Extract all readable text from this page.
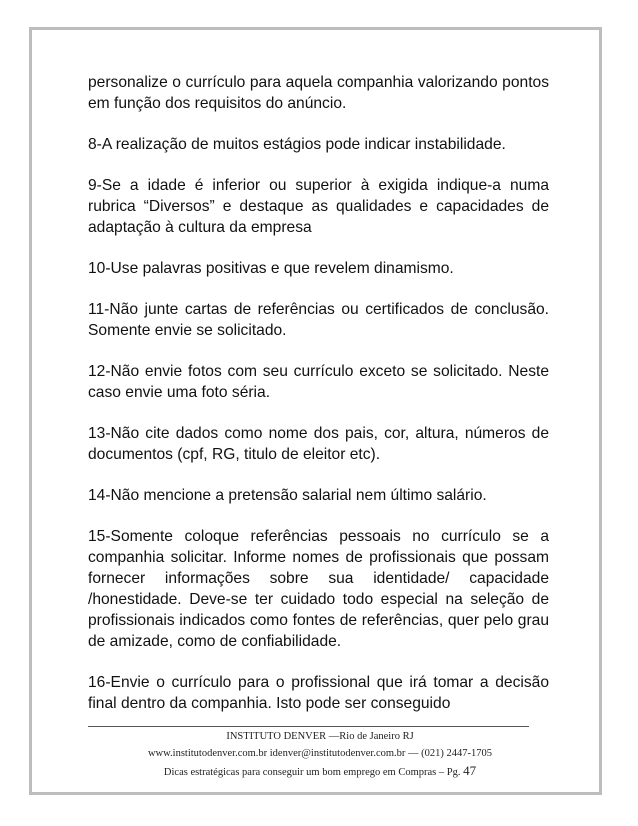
personalize o currículo para aquela companhia valorizando pontos em função dos requisitos do anúncio.

8-A realização de muitos estágios pode indicar instabilidade.

9-Se a idade é inferior ou superior à exigida indique-a numa rubrica “Diversos” e destaque as qualidades e capacidades de adaptação à cultura da empresa

10-Use palavras positivas e que revelem dinamismo.

11-Não junte cartas de referências ou certificados de conclusão. Somente envie se solicitado.

12-Não envie fotos com seu currículo exceto se solicitado. Neste caso envie uma foto séria.

13-Não cite dados como nome dos pais, cor, altura, números de documentos (cpf, RG, titulo de eleitor etc).

14-Não mencione a pretensão salarial nem último salário.

15-Somente coloque referências pessoais no currículo se a companhia solicitar. Informe nomes de profissionais que possam fornecer informações sobre sua identidade/ capacidade /honestidade. Deve-se ter cuidado todo especial na seleção de profissionais indicados como fontes de referências, quer pelo grau de amizade, como de confiabilidade.

16-Envie o currículo para o profissional que irá tomar a decisão final dentro da companhia. Isto pode ser conseguido

INSTITUTO DENVER —Rio de Janeiro RJ
www.institutodenver.com.br idenver@institutodenver.com.br — (021) 2447-1705
Dicas estratégicas para conseguir um bom emprego em Compras – Pg. 47
